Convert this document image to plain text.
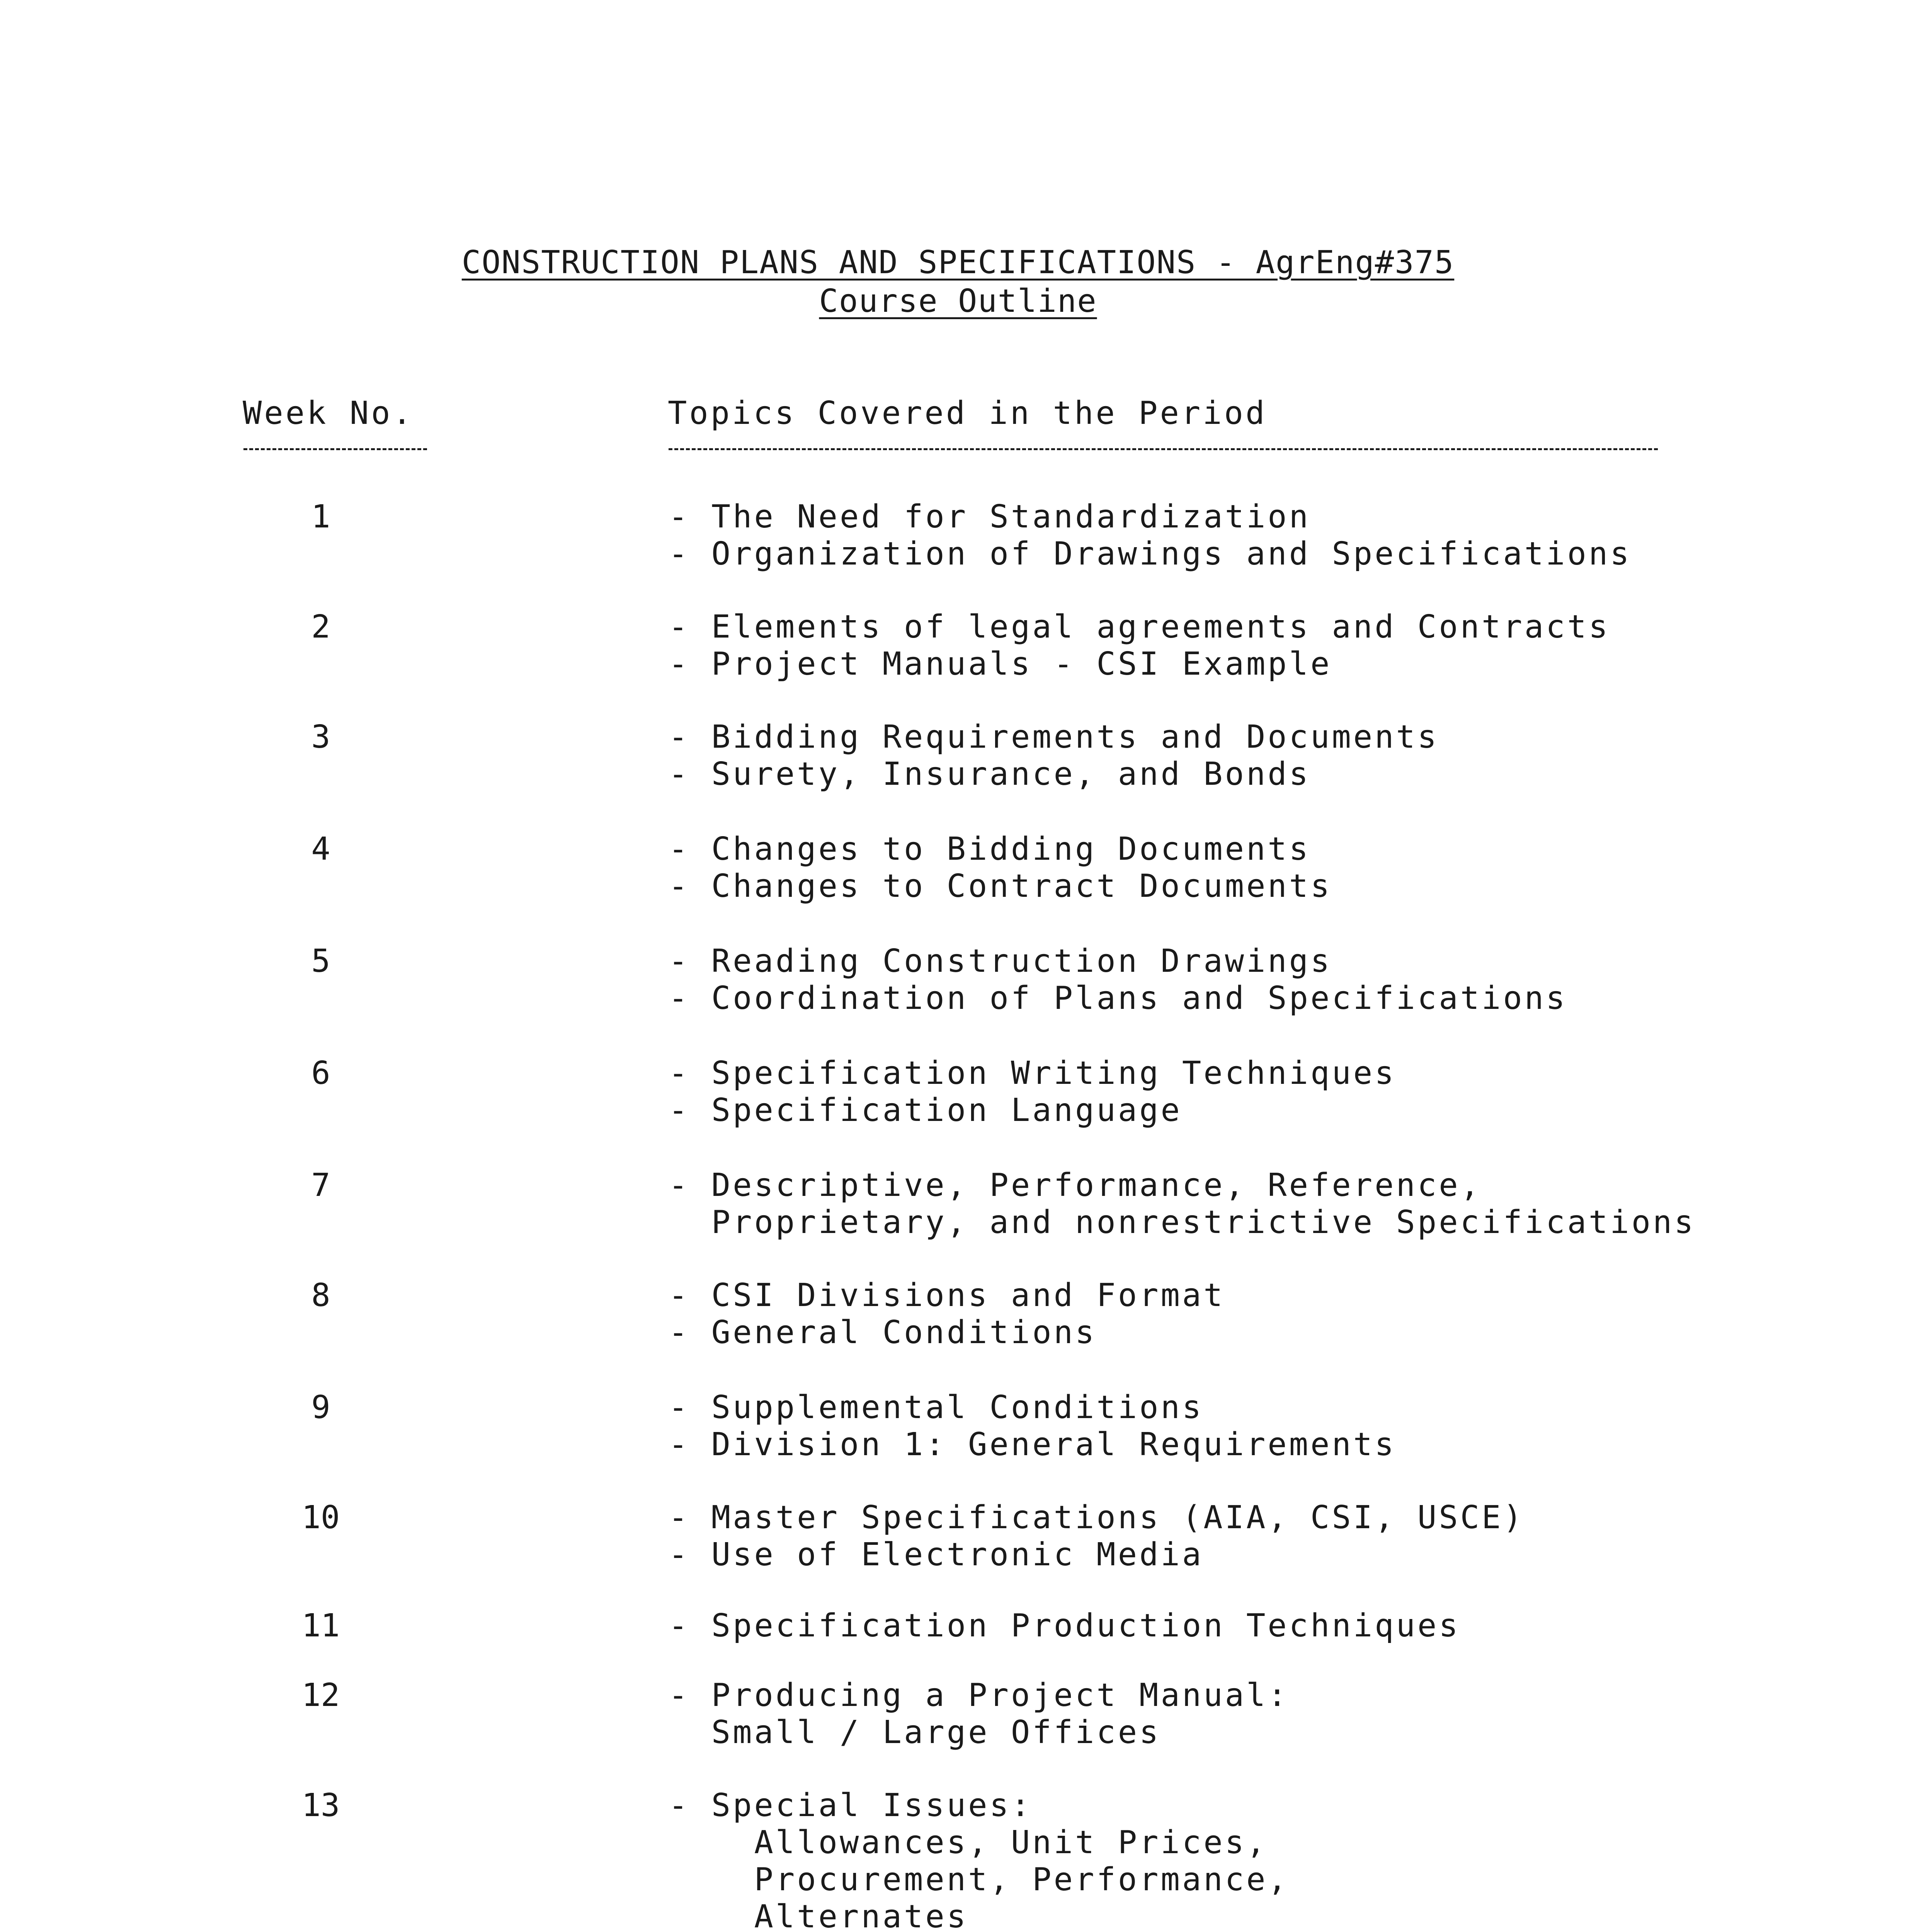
CONSTRUCTION PLANS AND SPECIFICATIONS - AgrEng#375
Course Outline
Week No.	Topics Covered in the Period
1	- The Need for Standardization
- Organization of Drawings and Specifications
2	- Elements of legal agreements and Contracts
- Project Manuals - CSI Example
3	- Bidding Requirements and Documents
- Surety, Insurance, and Bonds
4	- Changes to Bidding Documents
- Changes to Contract Documents
5	- Reading Construction Drawings
- Coordination of Plans and Specifications
6	- Specification Writing Techniques
- Specification Language
7	- Descriptive, Performance, Reference,
Proprietary, and nonrestrictive Specifications
8	- CSI Divisions and Format
- General Conditions
9	- Supplemental Conditions
- Division 1: General Requirements
10	- Master Specifications (AIA, CSI, USCE)
- Use of Electronic Media
11	- Specification Production Techniques
12	- Producing a Project Manual:
Small / Large Offices
13	- Special Issues:
Allowances, Unit Prices,
Procurement, Performance,
Alternates
